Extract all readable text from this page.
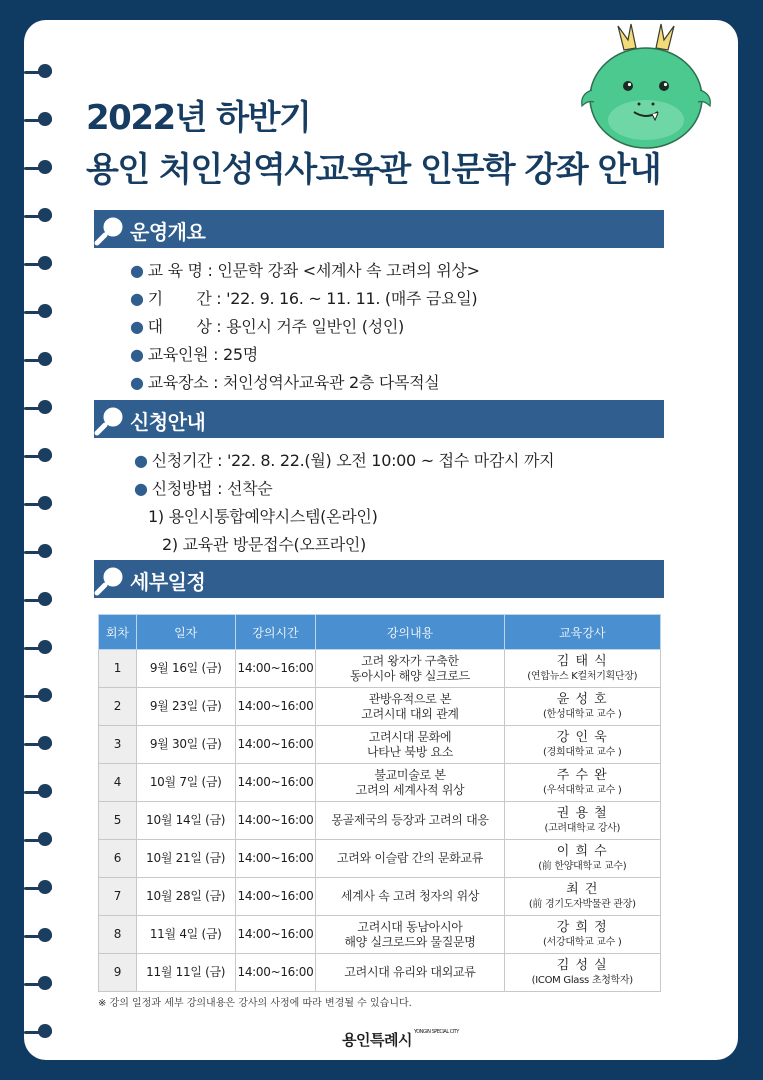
2022년 하반기
용인 처인성역사교육관 인문학 강좌 안내
운영개요
● 교 육 명 : 인문학 강좌 <세계사 속 고려의 위상>
● 기       간 : '22. 9. 16. ~ 11. 11. (매주 금요일)
● 대       상 : 용인시 거주 일반인 (성인)
● 교육인원 : 25명
● 교육장소 : 처인성역사교육관 2층 다목적실
신청안내
● 신청기간 : '22. 8. 22.(월) 오전 10:00 ~ 접수 마감시 까지
● 신청방법 : 선착순
1) 용인시통합예약시스템(온라인)
2) 교육관 방문접수(오프라인)
세부일정
회차	일자	강의시간	강의내용	교육강사
1	9월 16일 (금)	14:00~16:00	고려 왕자가 구축한
동아시아 해양 실크로드	김 태 식
(연합뉴스 K컬처기획단장)

2	9월 23일 (금)	14:00~16:00	관방유적으로 본
고려시대 대외 관계	윤 성 호
(한성대학교 교수 )

3	9월 30일 (금)	14:00~16:00	고려시대 문화에
나타난 북방 요소	강 인 욱
(경희대학교 교수 )

4	10월 7일 (금)	14:00~16:00	불교미술로 본
고려의 세계사적 위상	주 수 완
(우석대학교 교수 )

5	10월 14일 (금)	14:00~16:00	몽골제국의 등장과 고려의 대응	권 용 철
(고려대학교 강사)

6	10월 21일 (금)	14:00~16:00	고려와 이슬람 간의 문화교류	이 희 수
(前 한양대학교 교수)

7	10월 28일 (금)	14:00~16:00	세계사 속 고려 청자의 위상	최 건
(前 경기도자박물관 관장)

8	11월 4일 (금)	14:00~16:00	고려시대 동남아시아
해양 실크로드와 물질문명	강 희 정
(서강대학교 교수 )

9	11월 11일 (금)	14:00~16:00	고려시대 유리와 대외교류	김 성 실
(ICOM Glass 초청학자)
※ 강의 일정과 세부 강의내용은 강사의 사정에 따라 변경될 수 있습니다.
용인특례시 $^{YONGIN SPECIAL CITY}$
